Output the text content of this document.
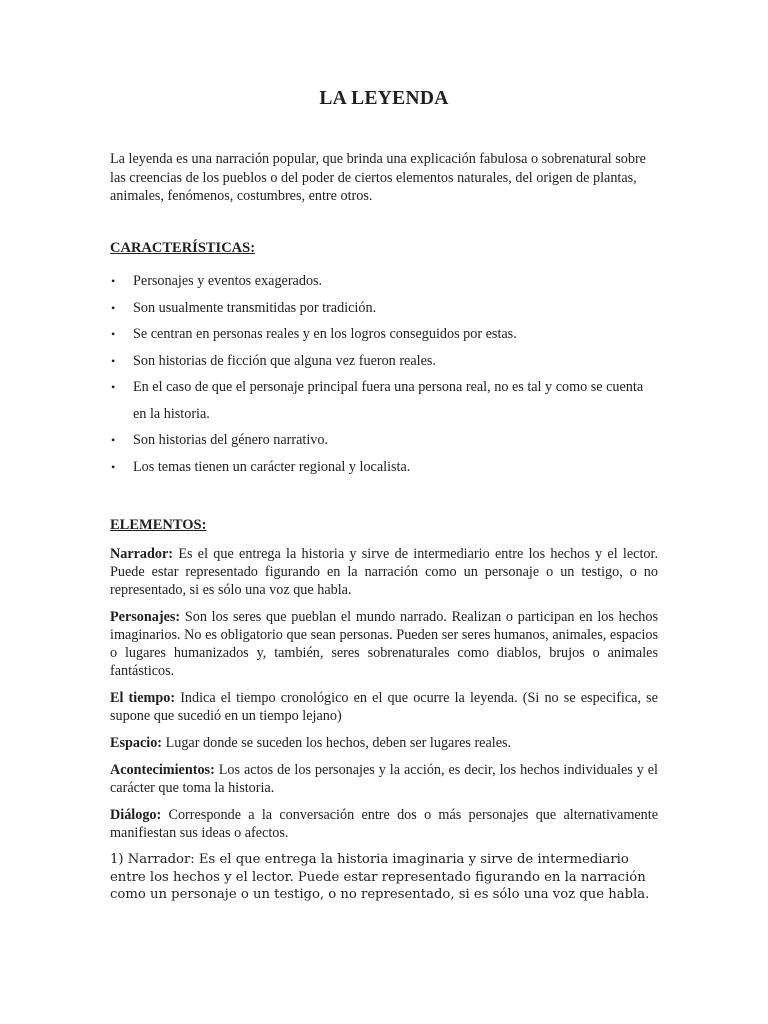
LA LEYENDA

La leyenda es una narración popular, que brinda una explicación fabulosa o sobrenatural sobre las creencias de los pueblos o del poder de ciertos elementos naturales, del origen de plantas, animales, fenómenos, costumbres, entre otros.

CARACTERÍSTICAS:
• Personajes y eventos exagerados.
• Son usualmente transmitidas por tradición.
• Se centran en personas reales y en los logros conseguidos por estas.
• Son historias de ficción que alguna vez fueron reales.
• En el caso de que el personaje principal fuera una persona real, no es tal y como se cuenta en la historia.
• Son historias del género narrativo.
• Los temas tienen un carácter regional y localista.
ELEMENTOS:

Narrador: Es el que entrega la historia y sirve de intermediario entre los hechos y el lector. Puede estar representado figurando en la narración como un personaje o un testigo, o no representado, si es sólo una voz que habla.

Personajes: Son los seres que pueblan el mundo narrado. Realizan o participan en los hechos imaginarios. No es obligatorio que sean personas. Pueden ser seres humanos, animales, espacios o lugares humanizados y, también, seres sobrenaturales como diablos, brujos o animales fantásticos.

El tiempo: Indica el tiempo cronológico en el que ocurre la leyenda. (Si no se especifica, se supone que sucedió en un tiempo lejano)

Espacio: Lugar donde se suceden los hechos, deben ser lugares reales.

Acontecimientos: Los actos de los personajes y la acción, es decir, los hechos individuales y el carácter que toma la historia.

Diálogo: Corresponde a la conversación entre dos o más personajes que alternativamente manifiestan sus ideas o afectos.

1) Narrador: Es el que entrega la historia imaginaria y sirve de intermediario entre los hechos y el lector. Puede estar representado figurando en la narración como un personaje o un testigo, o no representado, si es sólo una voz que habla.
